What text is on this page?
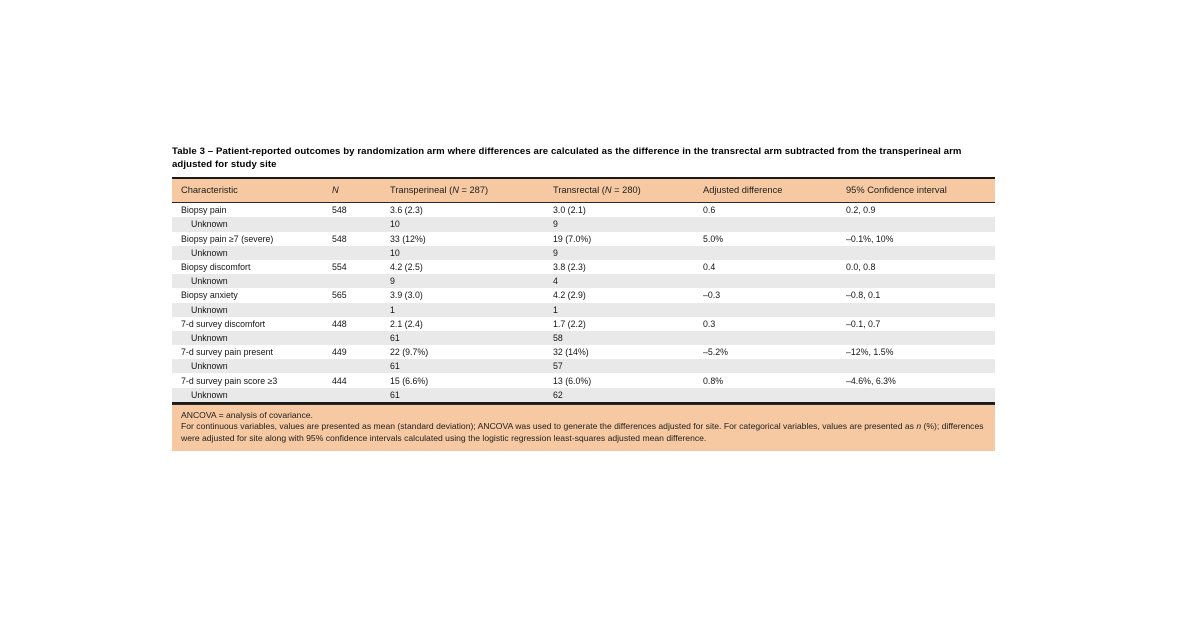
Table 3 – Patient-reported outcomes by randomization arm where differences are calculated as the difference in the transrectal arm subtracted from the transperineal arm adjusted for study site
Characteristic	N	Transperineal (N = 287)	Transrectal (N = 280)	Adjusted difference	95% Confidence interval
Biopsy pain	548	3.6 (2.3)	3.0 (2.1)	0.6	0.2, 0.9
Unknown		10	9		
Biopsy pain ≥7 (severe)	548	33 (12%)	19 (7.0%)	5.0%	–0.1%, 10%
Unknown		10	9		
Biopsy discomfort	554	4.2 (2.5)	3.8 (2.3)	0.4	0.0, 0.8
Unknown		9	4		
Biopsy anxiety	565	3.9 (3.0)	4.2 (2.9)	–0.3	–0.8, 0.1
Unknown		1	1		
7-d survey discomfort	448	2.1 (2.4)	1.7 (2.2)	0.3	–0.1, 0.7
Unknown		61	58		
7-d survey pain present	449	22 (9.7%)	32 (14%)	–5.2%	–12%, 1.5%
Unknown		61	57		
7-d survey pain score ≥3	444	15 (6.6%)	13 (6.0%)	0.8%	–4.6%, 6.3%
Unknown		61	62		

ANCOVA = analysis of covariance.

For continuous variables, values are presented as mean (standard deviation); ANCOVA was used to generate the differences adjusted for site. For categorical variables, values are presented as n (%); differences were adjusted for site along with 95% confidence intervals calculated using the logistic regression least-squares adjusted mean difference.
